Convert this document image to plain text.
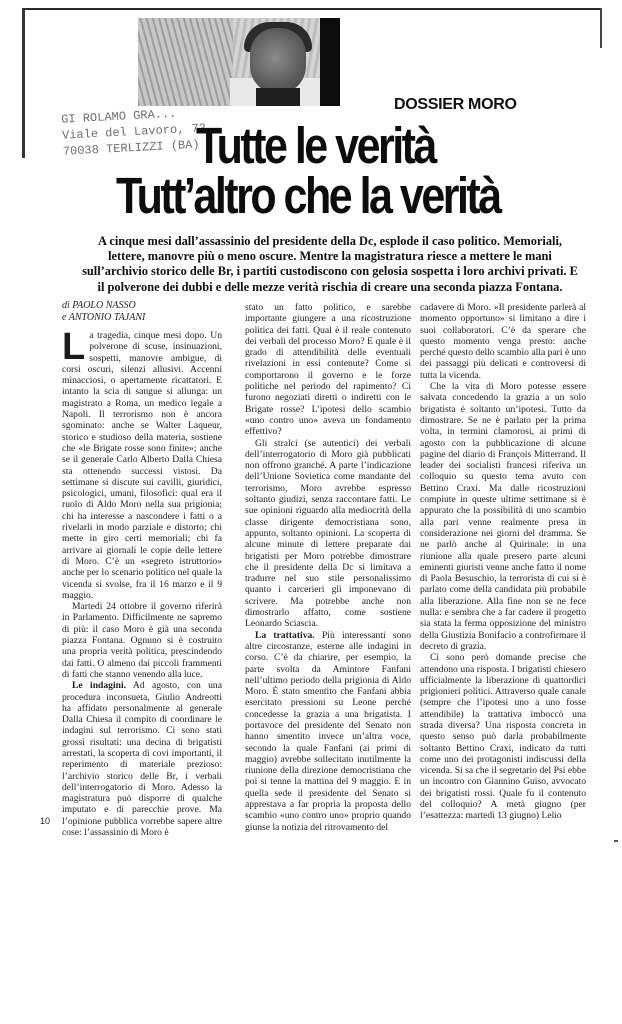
DOSSIER MORO
GI ROLAMO GRA...
Viale del Lavoro, 72
70038 TERLIZZI (BA)
Tutte le verità
Tutt’altro che la verità
A cinque mesi dall’assassinio del presidente della Dc, esplode il caso politico. Memoriali, lettere, manovre più o meno oscure. Mentre la magistratura riesce a mettere le mani sull’archivio storico delle Br, i partiti custodiscono con gelosia sospetta i loro archivi privati. E il polverone dei dubbi e delle mezze verità rischia di creare una seconda piazza Fontana.
di PAOLO NASSO
e ANTONIO TAJANI

La tragedia, cinque mesi dopo. Un polverone di scuse, insinuazioni, sospetti, manovre ambigue, di corsi oscuri, silenzi allusivi. Accenni minacciosi, o apertamente ricattatori. E intanto la scia di sangue si allunga: un magistrato a Roma, un medico legale a Napoli. Il terrorismo non è ancora sgominato: anche se Walter Laqueur, storico e studioso della materia, sostiene che «le Brigate rosse sono finite»; anche se il generale Carlo Alberto Dalla Chiesa sta ottenendo successi vistosi. Da settimane si discute sui cavilli, giuridici, psicologici, umani, filosofici: qual era il ruolo di Aldo Moro nella sua prigionia; chi ha interesse a nascondere i fatti o a rivelarli in modo parziale e distorto; chi mette in giro certi memoriali; chi fa arrivare ai giornali le copie delle lettere di Moro. C’è un «segreto istruttorio» anche per lo scenario politico nel quale la vicenda si svolse, fra il 16 marzo e il 9 maggio.

Martedì 24 ottobre il governo riferirà in Parlamento. Difficilmente ne sapremo di più: il caso Moro è già una seconda piazza Fontana. Ognuno si è costruito una propria verità politica, prescindendo dai fatti. O almeno dai piccoli frammenti di fatti che stanno venendo alla luce.

Le indagini. Ad agosto, con una procedura inconsueta, Giulio Andreotti ha affidato personalmente al generale Dalla Chiesa il compito di coordinare le indagini sul terrorismo. Ci sono stati grossi risultati: una decina di brigatisti arrestati, la scoperta di covi importanti, il reperimento di materiale prezioso: l’archivio storico delle Br, i verbali dell’interrogatorio di Moro. Adesso la magistratura può disporre di qualche imputato e di parecchie prove. Ma l’opinione pubblica vorrebbe sapere altre cose: l’assassinio di Moro è

stato un fatto politico, e sarebbe importante giungere a una ricostruzione politica dei fatti. Qual è il reale contenuto dei verbali del processo Moro? E quale è il grado di attendibilità delle eventuali rivelazioni in essi contenute? Come si comportarono il governo e le forze politiche nel periodo del rapimento? Ci furono negoziati diretti o indiretti con le Brigate rosse? L’ipotesi dello scambio «uno contro uno» aveva un fondamento effettivo?

Gli stralci (se autentici) dei verbali dell’interrogatorio di Moro già pubblicati non offrono granché. A parte l’indicazione dell’Unione Sovietica come mandante del terrorismo, Moro avrebbe espresso soltanto giudizi, senza raccontare fatti. Le sue opinioni riguardo alla mediocrità della classe dirigente democristiana sono, appunto, soltanto opinioni. La scoperta di alcune minute di lettere preparate dai brigatisti per Moro potrebbe dimostrare che il presidente della Dc si limitava a tradurre nel suo stile personalissimo quanto i carcerieri gli imponevano di scrivere. Ma potrebbe anche non dimostrarlo affatto, come sostiene Leonardo Sciascia.

La trattativa. Più interessanti sono altre circostanze, esterne alle indagini in corso. C’è da chiarire, per esempio, la parte svolta da Amintore Fanfani nell’ultimo periodo della prigionia di Aldo Moro. È stato smentito che Fanfani abbia esercitato pressioni su Leone perché concedesse la grazia a una brigatista. I portavoce del presidente del Senato non hanno smentito invece un’altra voce, secondo la quale Fanfani (ai primi di maggio) avrebbe sollecitato inutilmente la riunione della direzione democristiana che poi si tenne la mattina del 9 maggio. E in quella sede il presidente del Senato si apprestava a far propria la proposta dello scambio «uno contro uno» proprio quando giunse la notizia del ritrovamento del

cadavere di Moro. «Il presidente parlerà al momento opportuno» si limitano a dire i suoi collaboratori. C’è da sperare che questo momento venga presto: anche perché questo dello scambio alla pari è uno dei passaggi più delicati e controversi di tutta la vicenda.

Che la vita di Moro potesse essere salvata concedendo la grazia a un solo brigatista è soltanto un’ipotesi. Tutto da dimostrare. Se ne è parlato per la prima volta, in termini clamorosi, ai primi di agosto con la pubblicazione di alcune pagine del diario di François Mitterrand. Il leader dei socialisti francesi riferiva un colloquio su questo tema avuto con Bettino Craxi. Ma dalle ricostruzioni compiute in queste ultime settimane si è appurato che la possibilità di uno scambio alla pari venne realmente presa in considerazione nei giorni del dramma. Se ne parlò anche al Quirinale: in una riunione alla quale presero parte alcuni eminenti giuristi venne anche fatto il nome di Paola Besuschio, la terrorista di cui si è parlato come della candidata più probabile alla liberazione. Alla fine non se ne fece nulla: e sembra che a far cadere il progetto sia stata la ferma opposizione del ministro della Giustizia Bonifacio a controfirmare il decreto di grazia.

Ci sono però domande precise che attendono una risposta. I brigatisti chiesero ufficialmente la liberazione di quattordici prigionieri politici. Attraverso quale canale (sempre che l’ipotesi uno a uno fosse attendibile) la trattativa imboccò una strada diversa? Una risposta concreta in questo senso può darla probabilmente soltanto Bettino Craxi, indicato da tutti come uno dei protagonisti indiscussi della vicenda. Si sa che il segretario del Psi ebbe un incontro con Giannino Guiso, avvocato dei brigatisti rossi. Quale fu il contenuto del colloquio? A metà giugno (per l’esattezza: martedì 13 giugno) Lelio

10
